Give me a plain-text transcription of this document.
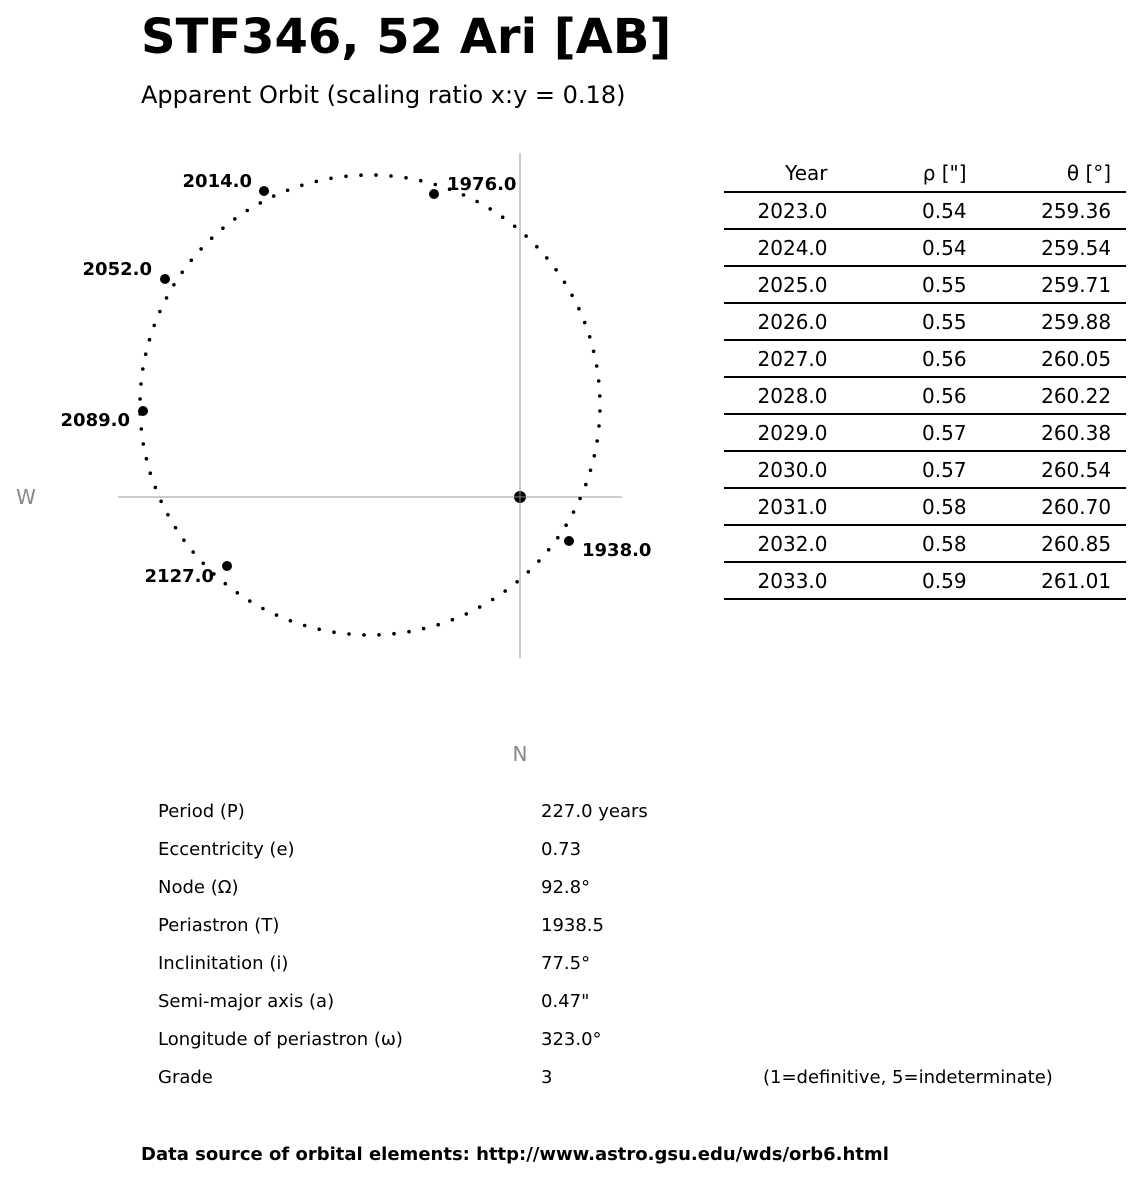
STF346, 52 Ari [AB]
Apparent Orbit (scaling ratio x:y = 0.18)
1938.0
1976.0
2014.0
2052.0
2089.0
2127.0
W
N
	Year	ρ ["]	θ [°]	
	2023.0	0.54	259.36	
	2024.0	0.54	259.54	
	2025.0	0.55	259.71	
	2026.0	0.55	259.88	
	2027.0	0.56	260.05	
	2028.0	0.56	260.22	
	2029.0	0.57	260.38	
	2030.0	0.57	260.54	
	2031.0	0.58	260.70	
	2032.0	0.58	260.85	
	2033.0	0.59	261.01	
Period (P)	227.0 years
Eccentricity (e)	0.73
Node (Ω)	92.8°
Periastron (T)	1938.5
Inclinitation (i)	77.5°
Semi-major axis (a)	0.47"
Longitude of periastron (ω)	323.0°
Grade	3	(1=definitive, 5=indeterminate)
Data source of orbital elements: http://www.astro.gsu.edu/wds/orb6.html
